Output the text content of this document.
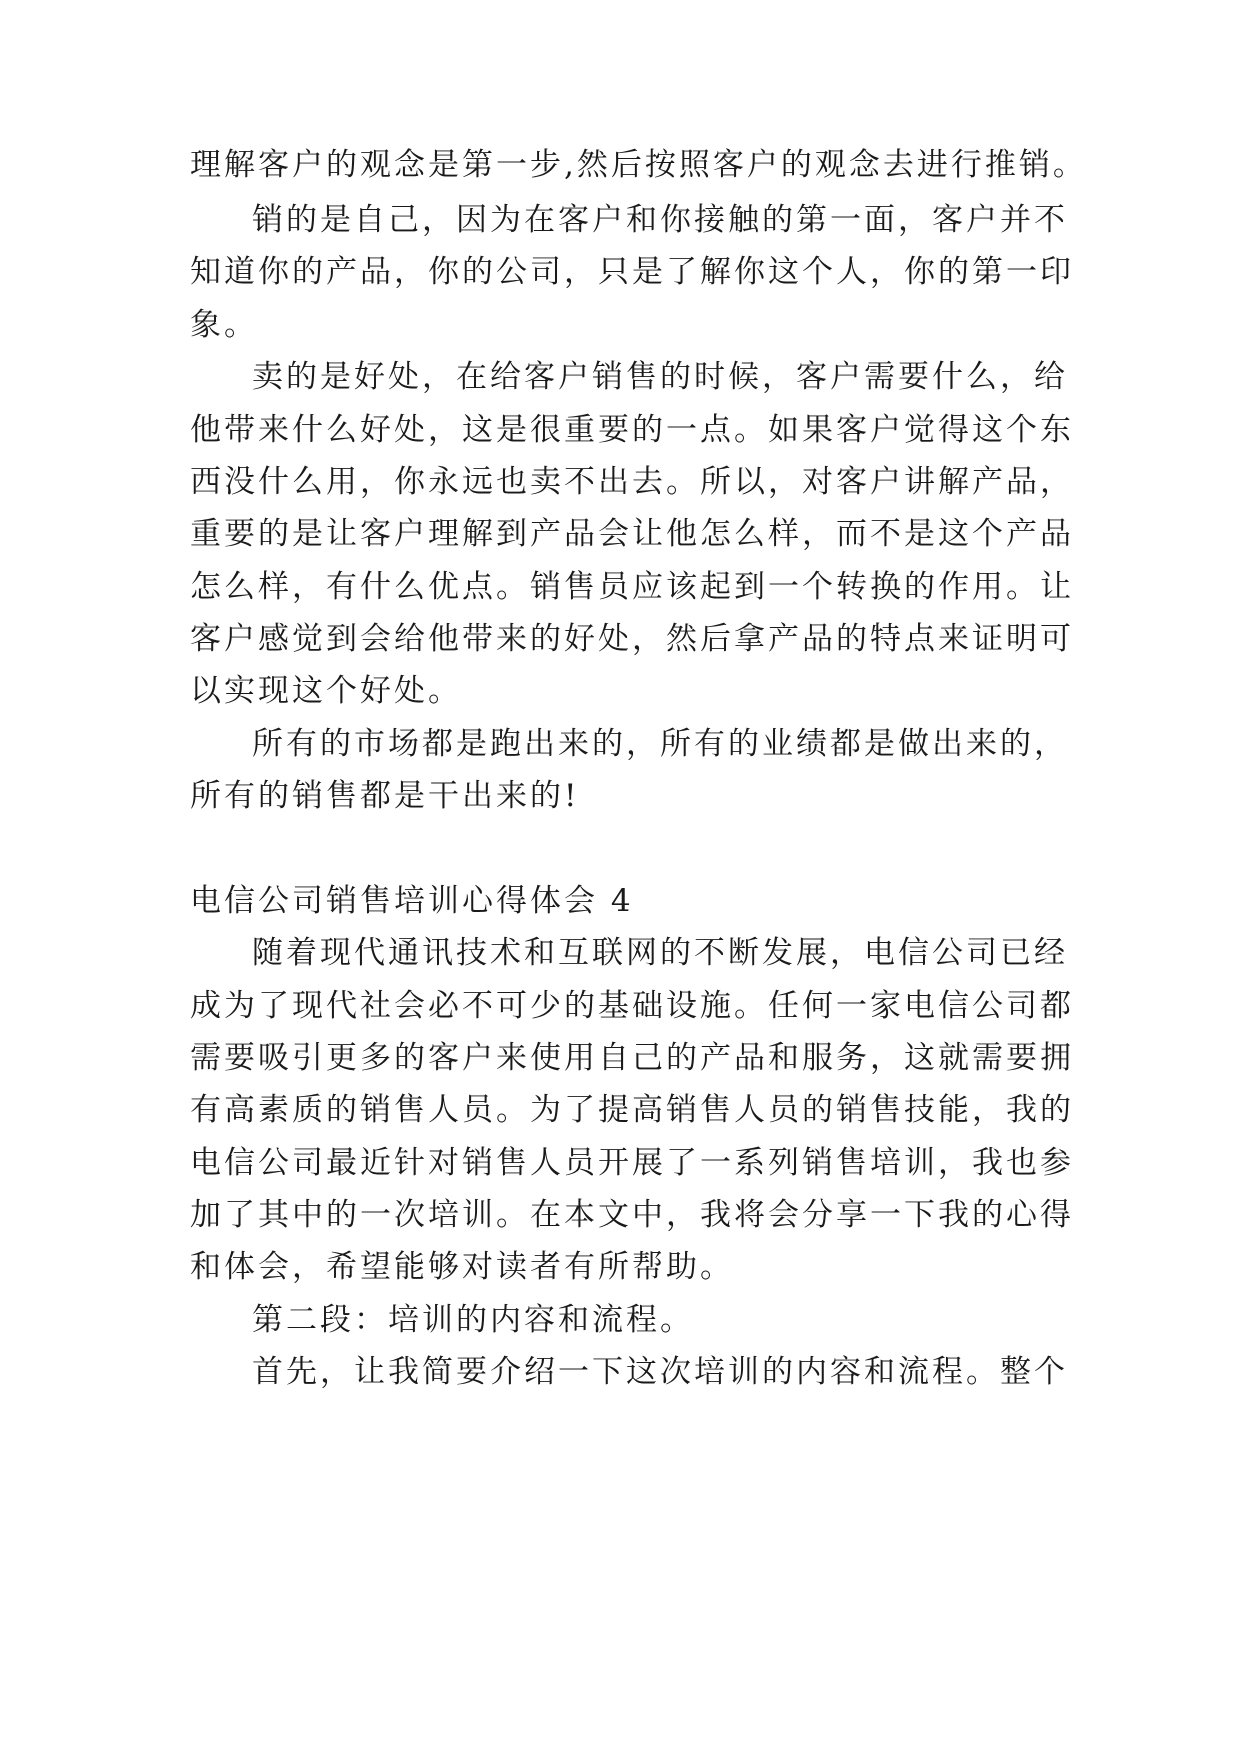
理解客户的观念是第一步,然后按照客户的观念去进行推销。
销的是自己，因为在客户和你接触的第一面，客户并不
知道你的产品，你的公司，只是了解你这个人，你的第一印
象。
卖的是好处，在给客户销售的时候，客户需要什么，给
他带来什么好处，这是很重要的一点。如果客户觉得这个东
西没什么用，你永远也卖不出去。所以，对客户讲解产品，
重要的是让客户理解到产品会让他怎么样，而不是这个产品
怎么样，有什么优点。销售员应该起到一个转换的作用。让
客户感觉到会给他带来的好处，然后拿产品的特点来证明可
以实现这个好处。
所有的市场都是跑出来的，所有的业绩都是做出来的，
所有的销售都是干出来的!
电信公司销售培训心得体会 4
随着现代通讯技术和互联网的不断发展，电信公司已经
成为了现代社会必不可少的基础设施。任何一家电信公司都
需要吸引更多的客户来使用自己的产品和服务，这就需要拥
有高素质的销售人员。为了提高销售人员的销售技能，我的
电信公司最近针对销售人员开展了一系列销售培训，我也参
加了其中的一次培训。在本文中，我将会分享一下我的心得
和体会，希望能够对读者有所帮助。
第二段：培训的内容和流程。
首先，让我简要介绍一下这次培训的内容和流程。整个
